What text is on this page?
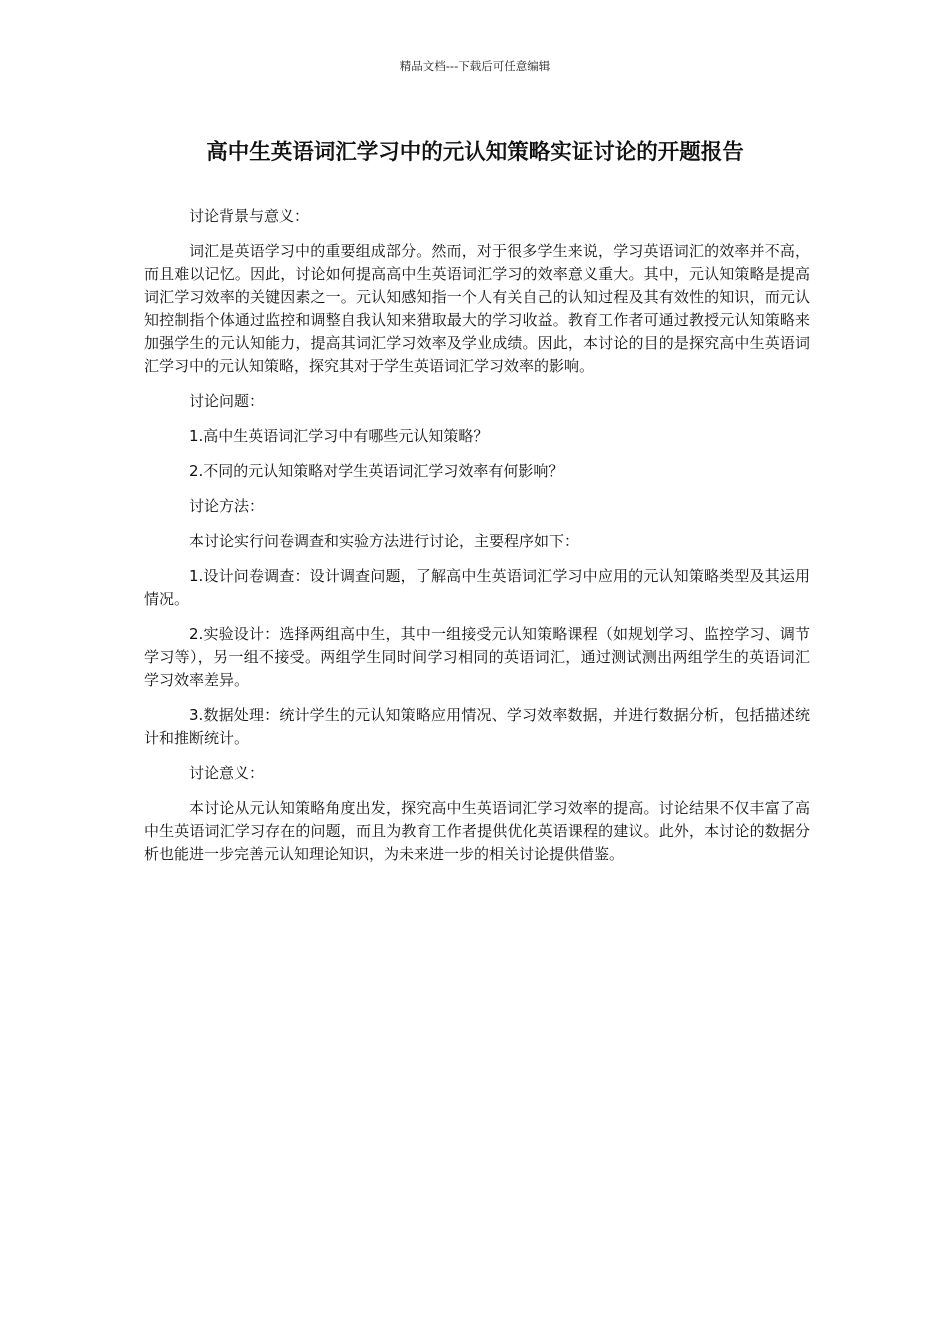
精品文档---下载后可任意编辑
高中生英语词汇学习中的元认知策略实证讨论的开题报告

讨论背景与意义：

词汇是英语学习中的重要组成部分。然而，对于很多学生来说，学习英语词汇的效率并不高，而且难以记忆。因此，讨论如何提高高中生英语词汇学习的效率意义重大。其中，元认知策略是提高词汇学习效率的关键因素之一。元认知感知指一个人有关自己的认知过程及其有效性的知识，而元认知控制指个体通过监控和调整自我认知来猎取最大的学习收益。教育工作者可通过教授元认知策略来加强学生的元认知能力，提高其词汇学习效率及学业成绩。因此，本讨论的目的是探究高中生英语词汇学习中的元认知策略，探究其对于学生英语词汇学习效率的影响。

讨论问题：

1.高中生英语词汇学习中有哪些元认知策略？

2.不同的元认知策略对学生英语词汇学习效率有何影响？

讨论方法：

本讨论实行问卷调查和实验方法进行讨论，主要程序如下：

1.设计问卷调查：设计调查问题，了解高中生英语词汇学习中应用的元认知策略类型及其运用情况。

2.实验设计：选择两组高中生，其中一组接受元认知策略课程（如规划学习、监控学习、调节学习等），另一组不接受。两组学生同时间学习相同的英语词汇，通过测试测出两组学生的英语词汇学习效率差异。

3.数据处理：统计学生的元认知策略应用情况、学习效率数据，并进行数据分析，包括描述统计和推断统计。

讨论意义：

本讨论从元认知策略角度出发，探究高中生英语词汇学习效率的提高。讨论结果不仅丰富了高中生英语词汇学习存在的问题，而且为教育工作者提供优化英语课程的建议。此外，本讨论的数据分析也能进一步完善元认知理论知识，为未来进一步的相关讨论提供借鉴。
